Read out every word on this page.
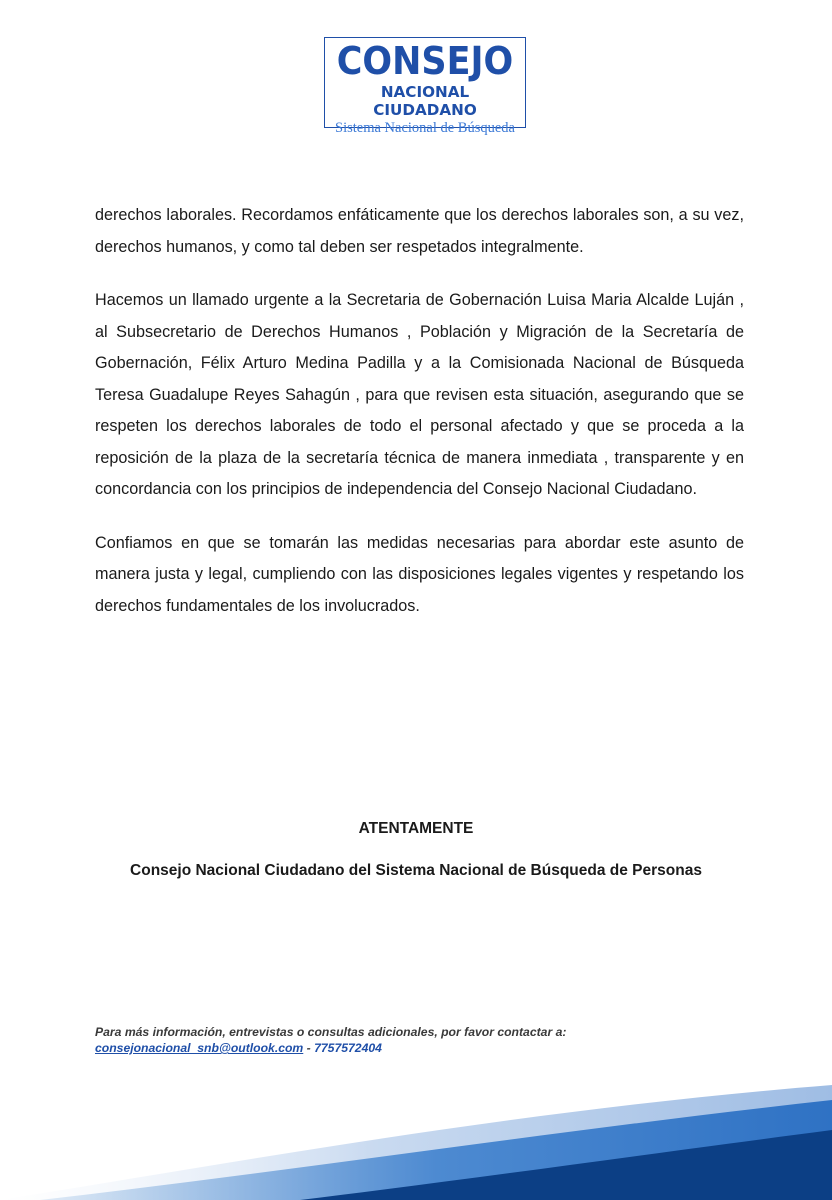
CONSEJO
NACIONAL CIUDADANO
Sistema Nacional de Búsqueda

derechos laborales. Recordamos enfáticamente que los derechos laborales son, a su vez, derechos humanos, y como tal deben ser respetados integralmente.

Hacemos un llamado urgente a la Secretaria de Gobernación Luisa Maria Alcalde Luján , al Subsecretario de Derechos Humanos , Población y Migración de la Secretaría de Gobernación, Félix Arturo Medina Padilla y a la Comisionada Nacional de Búsqueda Teresa Guadalupe Reyes Sahagún , para que revisen esta situación, asegurando que se respeten los derechos laborales de todo el personal afectado y que se proceda a la reposición de la plaza de la secretaría técnica de manera inmediata , transparente y en concordancia con los principios de independencia del Consejo Nacional Ciudadano.

Confiamos en que se tomarán las medidas necesarias para abordar este asunto de manera justa y legal, cumpliendo con las disposiciones legales vigentes y respetando los derechos fundamentales de los involucrados.

ATENTAMENTE
Consejo Nacional Ciudadano del Sistema Nacional de Búsqueda de Personas
Para más información, entrevistas o consultas adicionales, por favor contactar a:
consejonacional_snb@outlook.com - 7757572404
